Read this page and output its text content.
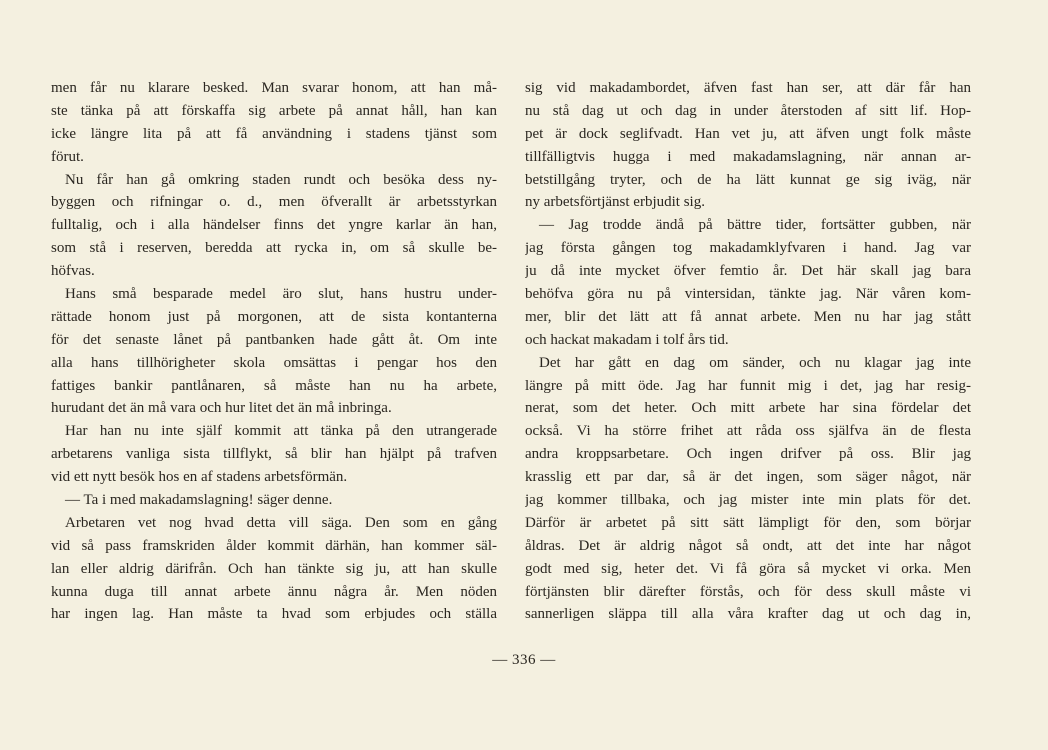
men får nu klarare besked. Man svarar honom, att han må-
ste tänka på att förskaffa sig arbete på annat håll, han kan
icke längre lita på att få användning i stadens tjänst som
förut.
Nu får han gå omkring staden rundt och besöka dess ny-
byggen och rifningar o. d., men öfverallt är arbetsstyrkan
fulltalig, och i alla händelser finns det yngre karlar än han,
som stå i reserven, beredda att rycka in, om så skulle be-
höfvas.
Hans små besparade medel äro slut, hans hustru under-
rättade honom just på morgonen, att de sista kontanterna
för det senaste lånet på pantbanken hade gått åt. Om inte
alla hans tillhörigheter skola omsättas i pengar hos den
fattiges bankir pantlånaren, så måste han nu ha arbete,
hurudant det än må vara och hur litet det än må inbringa.
Har han nu inte själf kommit att tänka på den utrangerade
arbetarens vanliga sista tillflykt, så blir han hjälpt på trafven
vid ett nytt besök hos en af stadens arbetsförmän.
— Ta i med makadamslagning! säger denne.
Arbetaren vet nog hvad detta vill säga. Den som en gång
vid så pass framskriden ålder kommit därhän, han kommer säl-
lan eller aldrig därifrån. Och han tänkte sig ju, att han skulle
kunna duga till annat arbete ännu några år. Men nöden
har ingen lag. Han måste ta hvad som erbjudes och ställa
sig vid makadambordet, äfven fast han ser, att där får han
nu stå dag ut och dag in under återstoden af sitt lif. Hop-
pet är dock seglifvadt. Han vet ju, att äfven ungt folk måste
tillfälligtvis hugga i med makadamslagning, när annan ar-
betstillgång tryter, och de ha lätt kunnat ge sig iväg, när
ny arbetsförtjänst erbjudit sig.
— Jag trodde ändå på bättre tider, fortsätter gubben, när
jag första gången tog makadamklyfvaren i hand. Jag var
ju då inte mycket öfver femtio år. Det här skall jag bara
behöfva göra nu på vintersidan, tänkte jag. När våren kom-
mer, blir det lätt att få annat arbete. Men nu har jag stått
och hackat makadam i tolf års tid.
Det har gått en dag om sänder, och nu klagar jag inte
längre på mitt öde. Jag har funnit mig i det, jag har resig-
nerat, som det heter. Och mitt arbete har sina fördelar det
också. Vi ha större frihet att råda oss själfva än de flesta
andra kroppsarbetare. Och ingen drifver på oss. Blir jag
krasslig ett par dar, så är det ingen, som säger något, när
jag kommer tillbaka, och jag mister inte min plats för det.
Därför är arbetet på sitt sätt lämpligt för den, som börjar
åldras. Det är aldrig något så ondt, att det inte har något
godt med sig, heter det. Vi få göra så mycket vi orka. Men
förtjänsten blir därefter förstås, och för dess skull måste vi
sannerligen släppa till alla våra krafter dag ut och dag in,
— 336 —
